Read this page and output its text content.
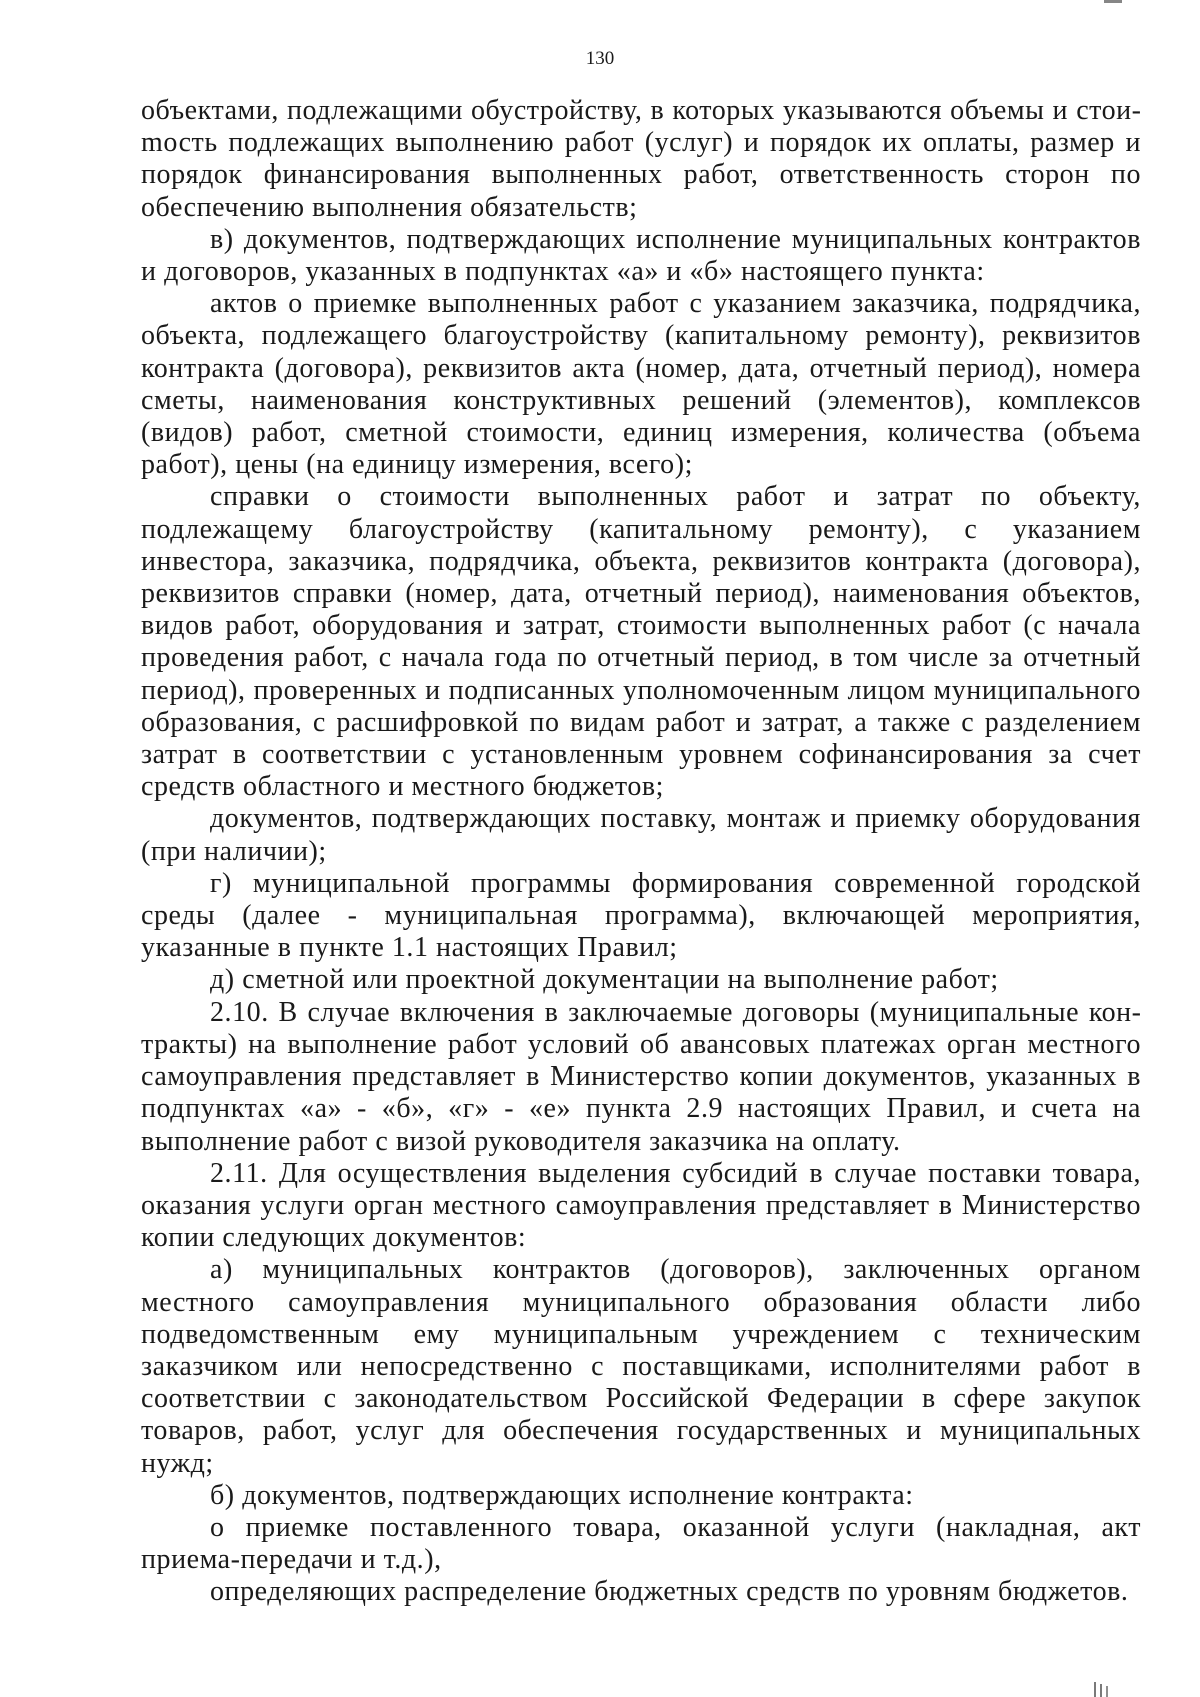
130

объектами, подлежащими обустройству, в которых указываются объемы и стоиmость подлежащих выполнению работ (услуг) и порядок их оплаты, размер и порядок финансирования выполненных работ, ответственность сторон по обеспечению выполнения обязательств;

в) документов, подтверждающих исполнение муниципальных контрактов и договоров, указанных в подпунктах «а» и «б» настоящего пункта:

актов о приемке выполненных работ с указанием заказчика, подрядчика, объекта, подлежащего благоустройству (капитальному ремонту), реквизитов контракта (договора), реквизитов акта (номер, дата, отчетный период), номера сметы, наименования конструктивных решений (элементов), комплексов (видов) работ, сметной стоимости, единиц измерения, количества (объема работ), цены (на единицу измерения, всего);

справки о стоимости выполненных работ и затрат по объекту, подлежащему благоустройству (капитальному ремонту), с указанием инвестора, заказчика, подрядчика, объекта, реквизитов контракта (договора), реквизитов справки (номер, дата, отчетный период), наименования объектов, видов работ, оборудования и затрат, стоимости выполненных работ (с начала проведения работ, с начала года по отчетный период, в том числе за отчетный период), проверенных и подписанных уполномоченным лицом муниципального образования, с расшифровкой по видам работ и затрат, а также с разделением затрат в соответствии с установленным уровнем софинансирования за счет средств областного и местного бюджетов;

документов, подтверждающих поставку, монтаж и приемку оборудования (при наличии);

г) муниципальной программы формирования современной городской среды (далее - муниципальная программа), включающей мероприятия, указанные в пункте 1.1 настоящих Правил;

д) сметной или проектной документации на выполнение работ;

2.10. В случае включения в заключаемые договоры (муниципальные контракты) на выполнение работ условий об авансовых платежах орган местного самоуправления представляет в Министерство копии документов, указанных в подпунктах «а» - «б», «г» - «е» пункта 2.9 настоящих Правил, и счета на выполнение работ с визой руководителя заказчика на оплату.

2.11. Для осуществления выделения субсидий в случае поставки товара, оказания услуги орган местного самоуправления представляет в Министерство копии следующих документов:

а) муниципальных контрактов (договоров), заключенных органом местного самоуправления муниципального образования области либо подведомственным ему муниципальным учреждением с техническим заказчиком или непосредственно с поставщиками, исполнителями работ в соответствии с законодательством Российской Федерации в сфере закупок товаров, работ, услуг для обеспечения государственных и муниципальных нужд;

б) документов, подтверждающих исполнение контракта:

о приемке поставленного товара, оказанной услуги (накладная, акт приема-передачи и т.д.),

определяющих распределение бюджетных средств по уровням бюджетов.
